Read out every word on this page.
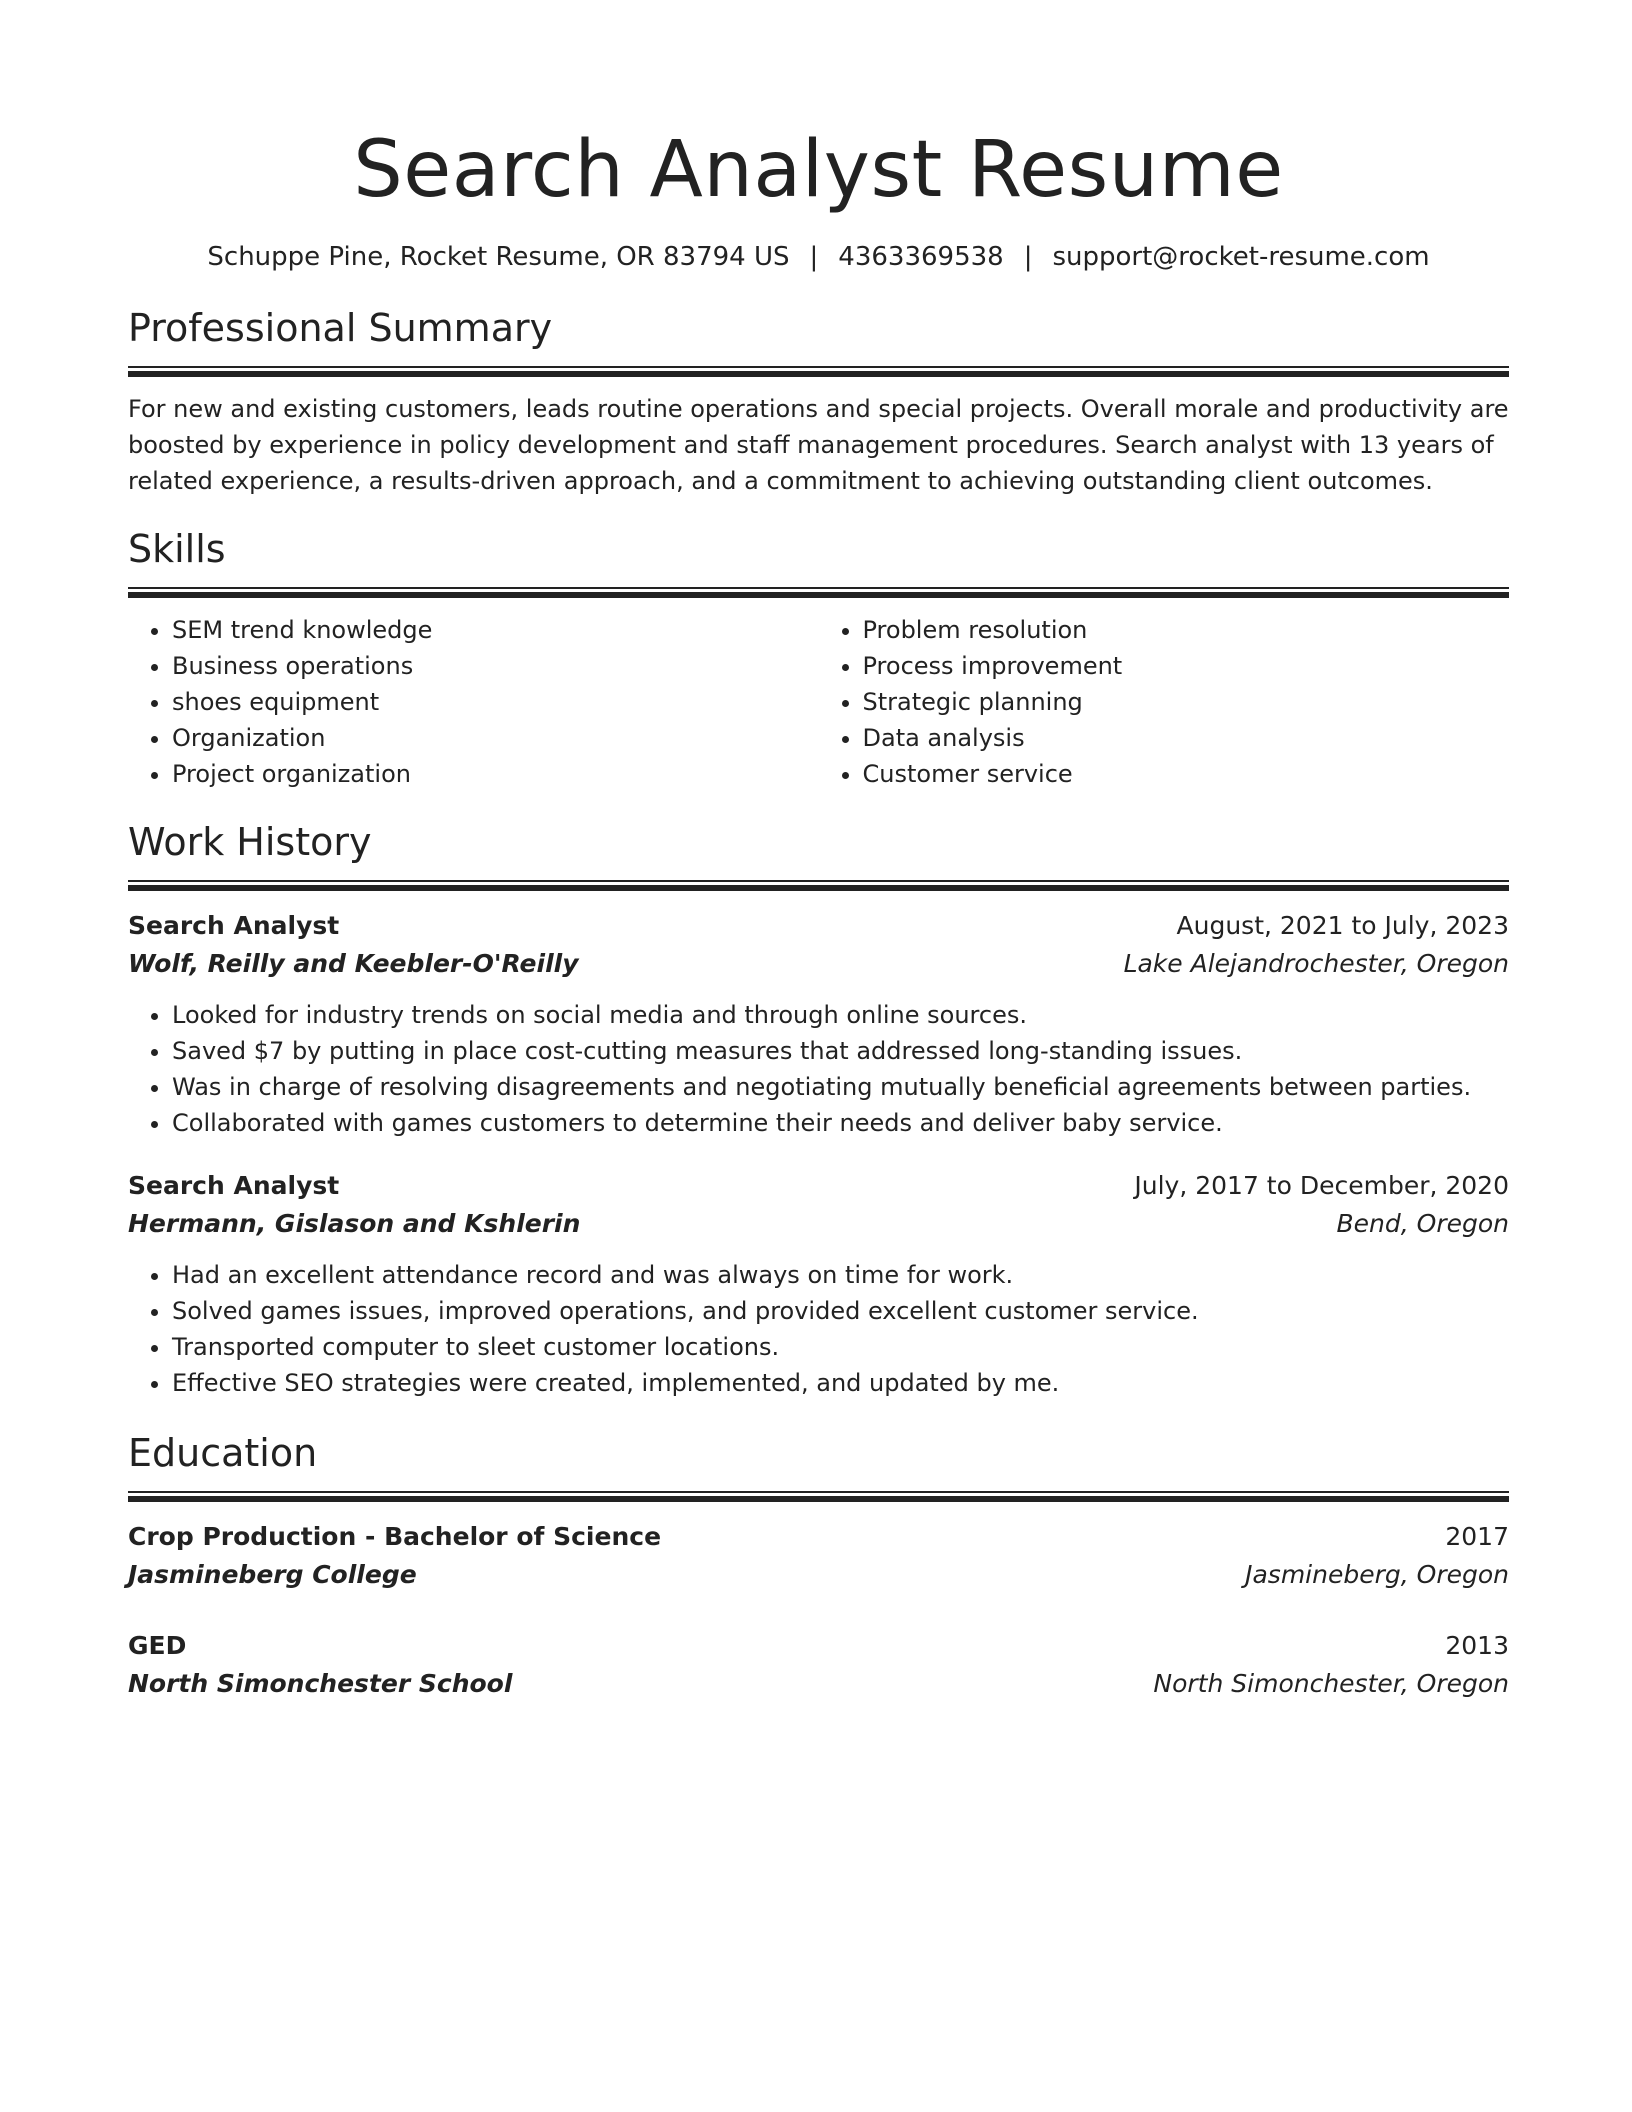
Search Analyst Resume
Schuppe Pine, Rocket Resume, OR 83794 US | 4363369538 | support@rocket-resume.com
Professional Summary
For new and existing customers, leads routine operations and special projects. Overall morale and productivity are boosted by experience in policy development and staff management procedures. Search analyst with 13 years of related experience, a results-driven approach, and a commitment to achieving outstanding client outcomes.
Skills
• SEM trend knowledge
• Business operations
• shoes equipment
• Organization
• Project organization
• Problem resolution
• Process improvement
• Strategic planning
• Data analysis
• Customer service
Work History
Search Analyst	August, 2021 to July, 2023
Wolf, Reilly and Keebler-O'Reilly	Lake Alejandrochester, Oregon
• Looked for industry trends on social media and through online sources.
• Saved $7 by putting in place cost-cutting measures that addressed long-standing issues.
• Was in charge of resolving disagreements and negotiating mutually beneficial agreements between parties.
• Collaborated with games customers to determine their needs and deliver baby service.
Search Analyst	July, 2017 to December, 2020
Hermann, Gislason and Kshlerin	Bend, Oregon
• Had an excellent attendance record and was always on time for work.
• Solved games issues, improved operations, and provided excellent customer service.
• Transported computer to sleet customer locations.
• Effective SEO strategies were created, implemented, and updated by me.
Education
Crop Production - Bachelor of Science	2017
Jasmineberg College	Jasmineberg, Oregon
GED	2013
North Simonchester School	North Simonchester, Oregon
